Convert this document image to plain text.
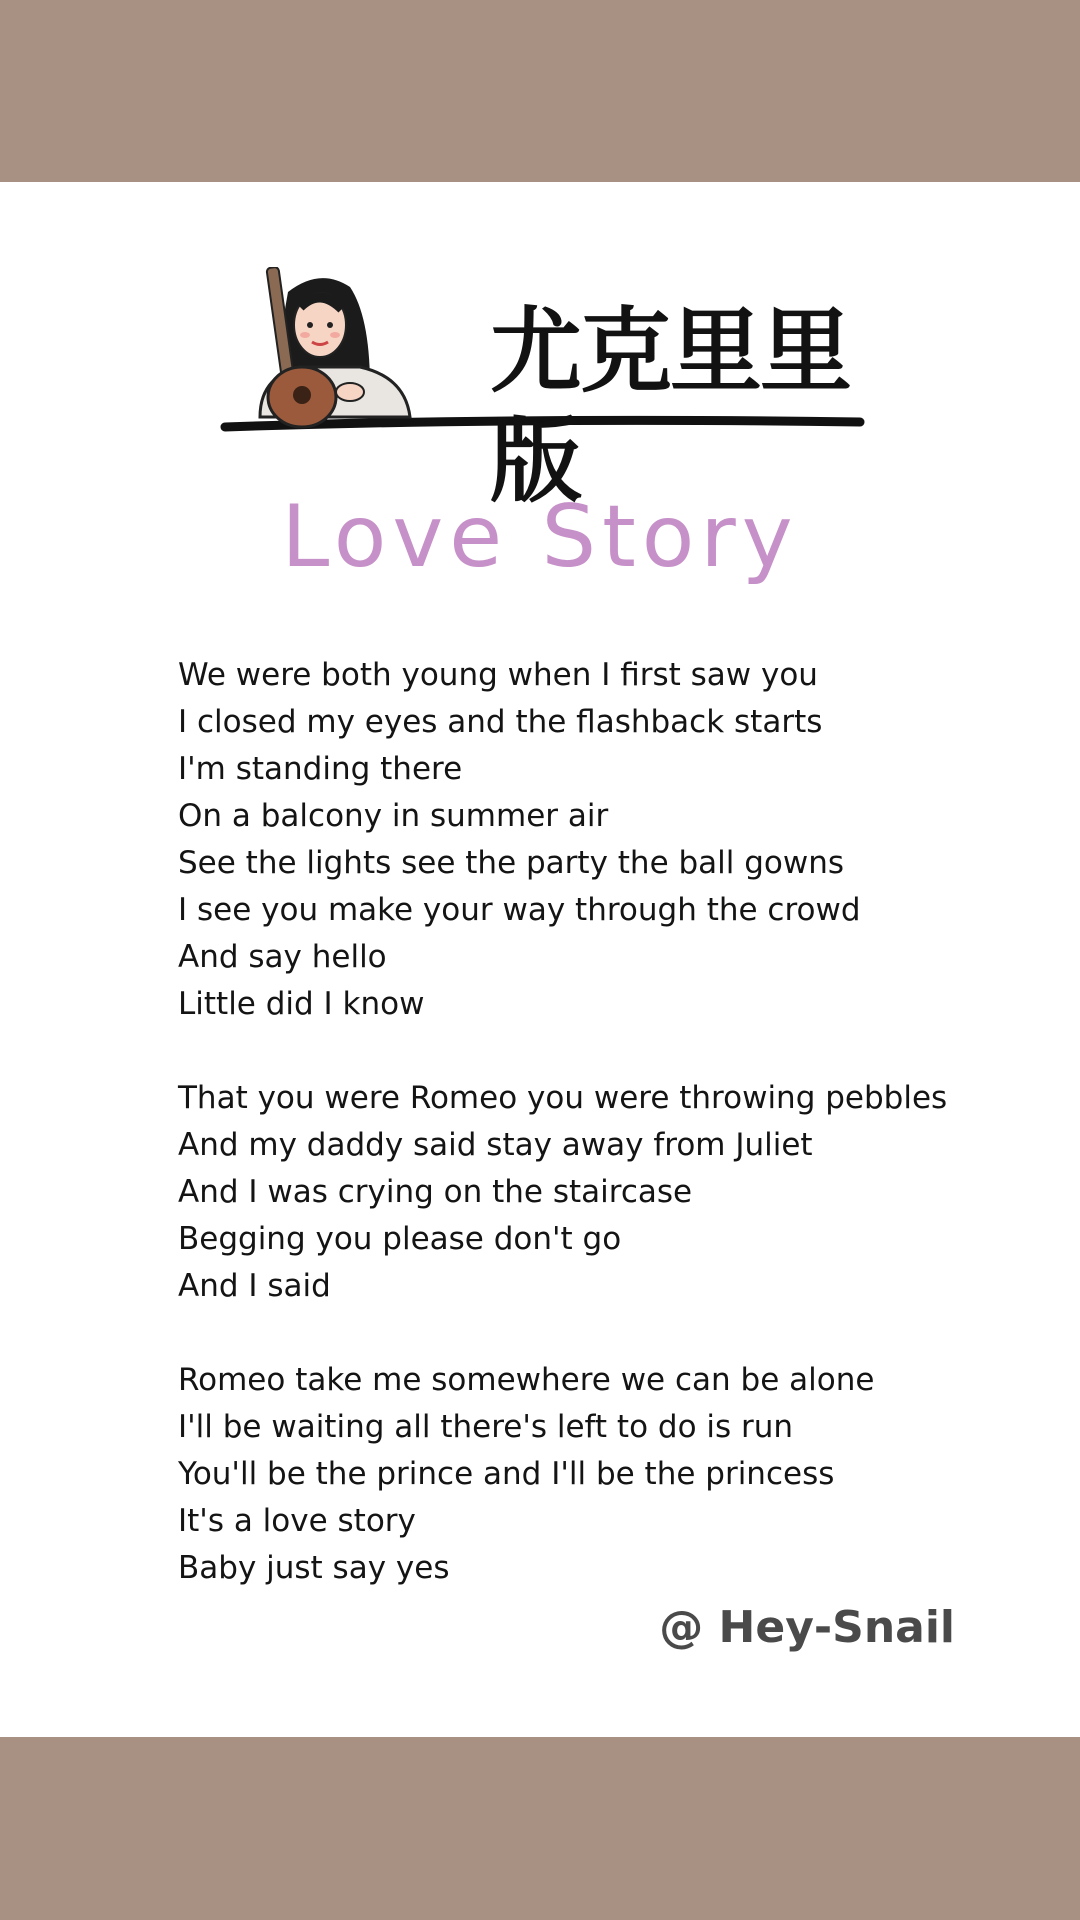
尤克里里版
Love Story
We were both young when I first saw you
I closed my eyes and the flashback starts
I'm standing there
On a balcony in summer air
See the lights see the party the ball gowns
I see you make your way through the crowd
And say hello
Little did I know
That you were Romeo you were throwing pebbles
And my daddy said stay away from Juliet
And I was crying on the staircase
Begging you please don't go
And I said
Romeo take me somewhere we can be alone
I'll be waiting all there's left to do is run
You'll be the prince and I'll be the princess
It's a love story
Baby just say yes
@ Hey-Snail
